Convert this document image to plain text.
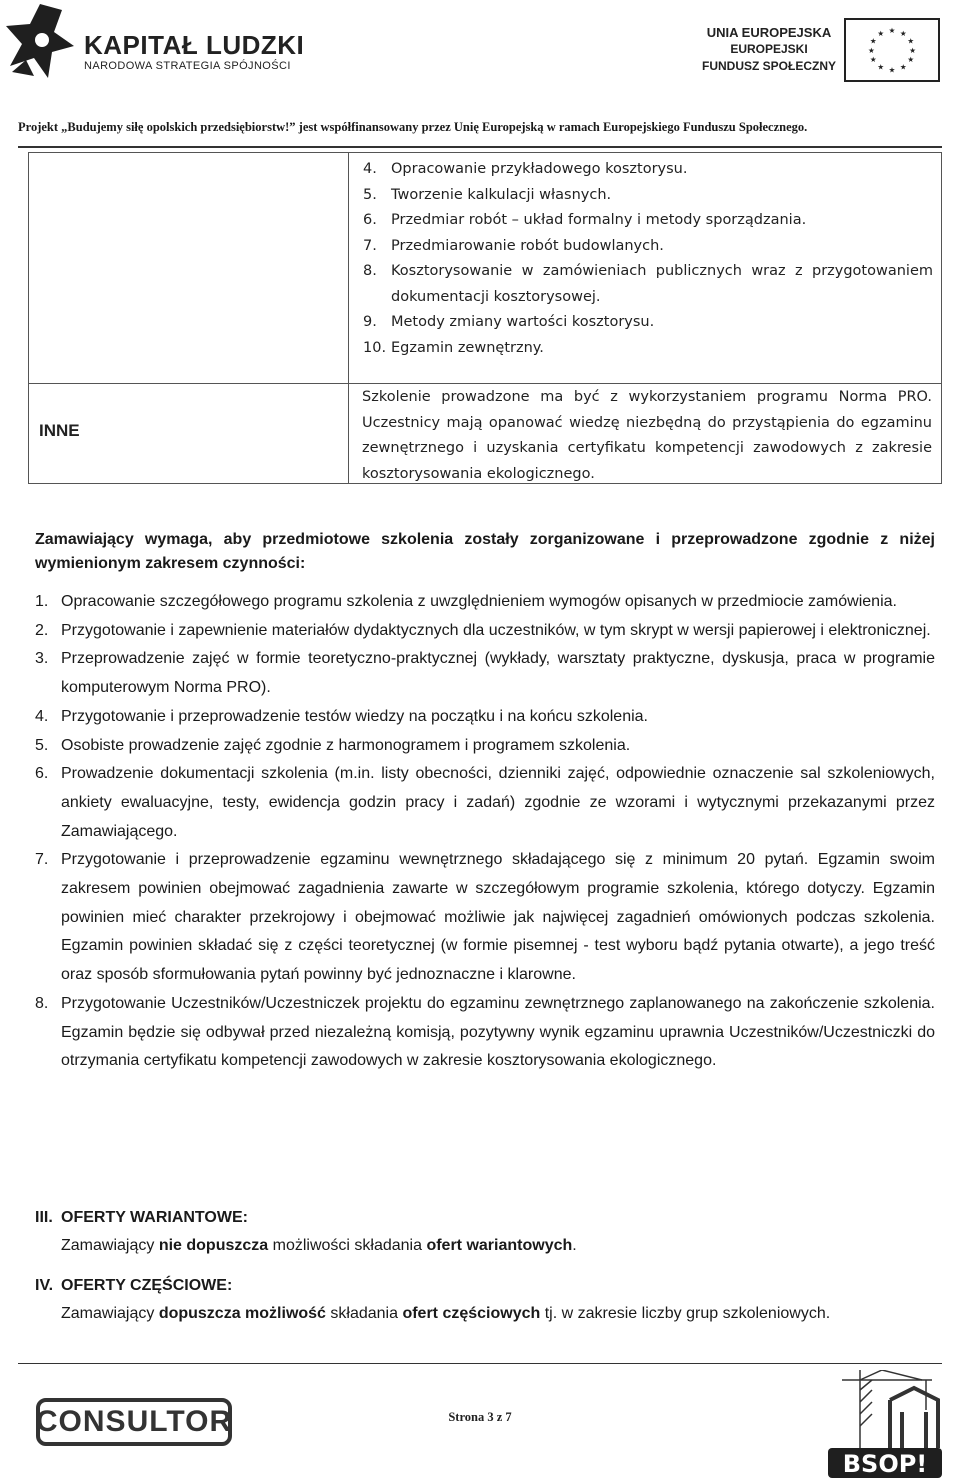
KAPITAŁ LUDZKI
NARODOWA STRATEGIA SPÓJNOŚCI
UNIA EUROPEJSKA
EUROPEJSKI
FUNDUSZ SPOŁECZNY
★ ★
★
★
★
★
★
★
★
★
★
★
Projekt „Budujemy siłę opolskich przedsiębiorstw!” jest współfinansowany przez Unię Europejską w ramach Europejskiego Funduszu Społecznego.
4. Opracowanie przykładowego kosztorysu.
5. Tworzenie kalkulacji własnych.
6. Przedmiar robót – układ formalny i metody sporządzania.
7. Przedmiarowanie robót budowlanych.
8. Kosztorysowanie w zamówieniach publicznych wraz z przygotowaniem dokumentacji kosztorysowej.
9. Metody zmiany wartości kosztorysu.
10. Egzamin zewnętrzny.
INNE
Szkolenie prowadzone ma być z wykorzystaniem programu Norma PRO. Uczestnicy mają opanować wiedzę niezbędną do przystąpienia do egzaminu zewnętrznego i uzyskania certyfikatu kompetencji zawodowych z zakresie kosztorysowania ekologicznego.
Zamawiający wymaga, aby przedmiotowe szkolenia zostały zorganizowane i przeprowadzone zgodnie z niżej wymienionym zakresem czynności:
1. Opracowanie szczegółowego programu szkolenia z uwzględnieniem wymogów opisanych w przedmiocie zamówienia.
2. Przygotowanie i zapewnienie materiałów dydaktycznych dla uczestników, w tym skrypt w wersji papierowej i elektronicznej.
3. Przeprowadzenie zajęć w formie teoretyczno-praktycznej (wykłady, warsztaty praktyczne, dyskusja, praca w programie komputerowym Norma PRO).
4. Przygotowanie i przeprowadzenie testów wiedzy na początku i na końcu szkolenia.
5. Osobiste prowadzenie zajęć zgodnie z harmonogramem i programem szkolenia.
6. Prowadzenie dokumentacji szkolenia (m.in. listy obecności, dzienniki zajęć, odpowiednie oznaczenie sal szkoleniowych, ankiety ewaluacyjne, testy, ewidencja godzin pracy i zadań) zgodnie ze wzorami i wytycznymi przekazanymi przez Zamawiającego.
7. Przygotowanie i przeprowadzenie egzaminu wewnętrznego składającego się z minimum 20 pytań. Egzamin swoim zakresem powinien obejmować zagadnienia zawarte w szczegółowym programie szkolenia, którego dotyczy. Egzamin powinien mieć charakter przekrojowy i obejmować możliwie jak najwięcej zagadnień omówionych podczas szkolenia. Egzamin powinien składać się z części teoretycznej (w formie pisemnej - test wyboru bądź pytania otwarte), a jego treść oraz sposób sformułowania pytań powinny być jednoznaczne i klarowne.
8. Przygotowanie Uczestników/Uczestniczek projektu do egzaminu zewnętrznego zaplanowanego na zakończenie szkolenia. Egzamin będzie się odbywał przed niezależną komisją, pozytywny wynik egzaminu uprawnia Uczestników/Uczestniczki do otrzymania certyfikatu kompetencji zawodowych w zakresie kosztorysowania ekologicznego.
III. OFERTY WARIANTOWE:
Zamawiający nie dopuszcza możliwości składania ofert wariantowych.
IV. OFERTY CZĘŚCIOWE:
Zamawiający dopuszcza możliwość składania ofert częściowych tj. w zakresie liczby grup szkoleniowych.
CONSULTOR	Strona 3 z 7
BSOP!
